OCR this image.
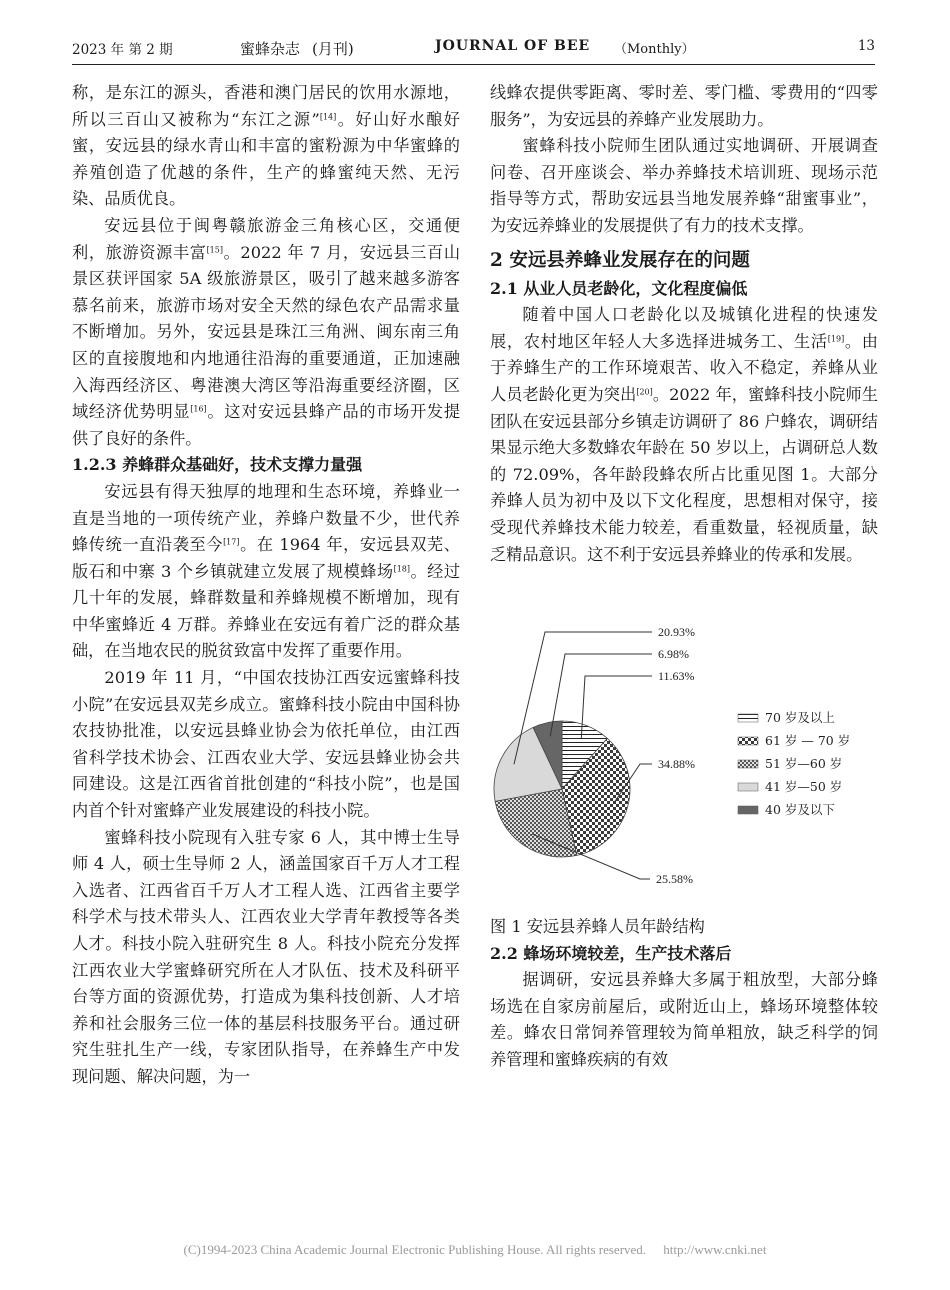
2023 年 第 2 期	蜜蜂杂志 (月刊)	JOURNAL OF BEE （Monthly）	13

称，是东江的源头，香港和澳门居民的饮用水源地，所以三百山又被称为“东江之源”[14]。好山好水酿好蜜，安远县的绿水青山和丰富的蜜粉源为中华蜜蜂的养殖创造了优越的条件，生产的蜂蜜纯天然、无污染、品质优良。

安远县位于闽粤赣旅游金三角核心区，交通便利，旅游资源丰富[15]。2022 年 7 月，安远县三百山景区获评国家 5A 级旅游景区，吸引了越来越多游客慕名前来，旅游市场对安全天然的绿色农产品需求量不断增加。另外，安远县是珠江三角洲、闽东南三角区的直接腹地和内地通往沿海的重要通道，正加速融入海西经济区、粤港澳大湾区等沿海重要经济圈，区域经济优势明显[16]。这对安远县蜂产品的市场开发提供了良好的条件。

1.2.3 养蜂群众基础好，技术支撑力量强

安远县有得天独厚的地理和生态环境，养蜂业一直是当地的一项传统产业，养蜂户数量不少，世代养蜂传统一直沿袭至今[17]。在 1964 年，安远县双芜、版石和中寨 3 个乡镇就建立发展了规模蜂场[18]。经过几十年的发展，蜂群数量和养蜂规模不断增加，现有中华蜜蜂近 4 万群。养蜂业在安远有着广泛的群众基础，在当地农民的脱贫致富中发挥了重要作用。

2019 年 11 月，“中国农技协江西安远蜜蜂科技小院”在安远县双芜乡成立。蜜蜂科技小院由中国科协农技协批准，以安远县蜂业协会为依托单位，由江西省科学技术协会、江西农业大学、安远县蜂业协会共同建设。这是江西省首批创建的“科技小院”，也是国内首个针对蜜蜂产业发展建设的科技小院。

蜜蜂科技小院现有入驻专家 6 人，其中博士生导师 4 人，硕士生导师 2 人，涵盖国家百千万人才工程入选者、江西省百千万人才工程人选、江西省主要学科学术与技术带头人、江西农业大学青年教授等各类人才。科技小院入驻研究生 8 人。科技小院充分发挥江西农业大学蜜蜂研究所在人才队伍、技术及科研平台等方面的资源优势，打造成为集科技创新、人才培养和社会服务三位一体的基层科技服务平台。通过研究生驻扎生产一线，专家团队指导，在养蜂生产中发现问题、解决问题，为一

线蜂农提供零距离、零时差、零门槛、零费用的“四零服务”，为安远县的养蜂产业发展助力。

蜜蜂科技小院师生团队通过实地调研、开展调查问卷、召开座谈会、举办养蜂技术培训班、现场示范指导等方式，帮助安远县当地发展养蜂“甜蜜事业”，为安远养蜂业的发展提供了有力的技术支撑。

2 安远县养蜂业发展存在的问题
2.1 从业人员老龄化，文化程度偏低

随着中国人口老龄化以及城镇化进程的快速发展，农村地区年轻人大多选择进城务工、生活[19]。由于养蜂生产的工作环境艰苦、收入不稳定，养蜂从业人员老龄化更为突出[20]。2022 年，蜜蜂科技小院师生团队在安远县部分乡镇走访调研了 86 户蜂农，调研结果显示绝大多数蜂农年龄在 50 岁以上，占调研总人数的 72.09%，各年龄段蜂农所占比重见图 1。大部分养蜂人员为初中及以下文化程度，思想相对保守，接受现代养蜂技术能力较差，看重数量，轻视质量，缺乏精品意识。这不利于安远县养蜂业的传承和发展。

11.63%
34.88%
25.58%
20.93%
6.98%
70 岁及以上
61 岁 — 70 岁
51 岁—60 岁
41 岁—50 岁
40 岁及以下

图 1 安远县养蜂人员年龄结构

2.2 蜂场环境较差，生产技术落后

据调研，安远县养蜂大多属于粗放型，大部分蜂场选在自家房前屋后，或附近山上，蜂场环境整体较差。蜂农日常饲养管理较为简单粗放，缺乏科学的饲养管理和蜜蜂疾病的有效

(C)1994-2023 China Academic Journal Electronic Publishing House. All rights reserved. http://www.cnki.net
